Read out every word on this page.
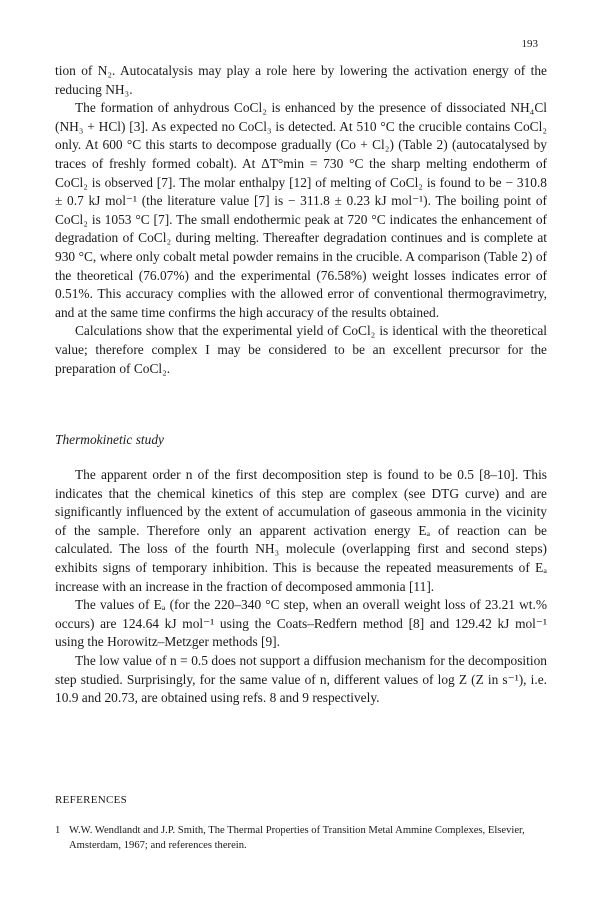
193

tion of N₂. Autocatalysis may play a role here by lowering the activation energy of the reducing NH₃.

The formation of anhydrous CoCl₂ is enhanced by the presence of dissociated NH₄Cl (NH₃ + HCl) [3]. As expected no CoCl₃ is detected. At 510 °C the crucible contains CoCl₂ only. At 600 °C this starts to decompose gradually (Co + Cl₂) (Table 2) (autocatalysed by traces of freshly formed cobalt). At ΔT°min = 730 °C the sharp melting endotherm of CoCl₂ is observed [7]. The molar enthalpy [12] of melting of CoCl₂ is found to be − 310.8 ± 0.7 kJ mol⁻¹ (the literature value [7] is − 311.8 ± 0.23 kJ mol⁻¹). The boiling point of CoCl₂ is 1053 °C [7]. The small endothermic peak at 720 °C indicates the enhancement of degradation of CoCl₂ during melting. Thereafter degradation continues and is complete at 930 °C, where only cobalt metal powder remains in the crucible. A comparison (Table 2) of the theoretical (76.07%) and the experimental (76.58%) weight losses indicates error of 0.51%. This accuracy complies with the allowed error of conventional thermogravimetry, and at the same time confirms the high accuracy of the results obtained.

Calculations show that the experimental yield of CoCl₂ is identical with the theoretical value; therefore complex I may be considered to be an excellent precursor for the preparation of CoCl₂.

Thermokinetic study

The apparent order n of the first decomposition step is found to be 0.5 [8–10]. This indicates that the chemical kinetics of this step are complex (see DTG curve) and are significantly influenced by the extent of accumulation of gaseous ammonia in the vicinity of the sample. Therefore only an apparent activation energy Eₐ of reaction can be calculated. The loss of the fourth NH₃ molecule (overlapping first and second steps) exhibits signs of temporary inhibition. This is because the repeated measurements of Eₐ increase with an increase in the fraction of decomposed ammonia [11].

The values of Eₐ (for the 220–340 °C step, when an overall weight loss of 23.21 wt.% occurs) are 124.64 kJ mol⁻¹ using the Coats–Redfern method [8] and 129.42 kJ mol⁻¹ using the Horowitz–Metzger methods [9].

The low value of n = 0.5 does not support a diffusion mechanism for the decomposition step studied. Surprisingly, for the same value of n, different values of log Z (Z in s⁻¹), i.e. 10.9 and 20.73, are obtained using refs. 8 and 9 respectively.

REFERENCES
1 W.W. Wendlandt and J.P. Smith, The Thermal Properties of Transition Metal Ammine Complexes, Elsevier, Amsterdam, 1967; and references therein.
